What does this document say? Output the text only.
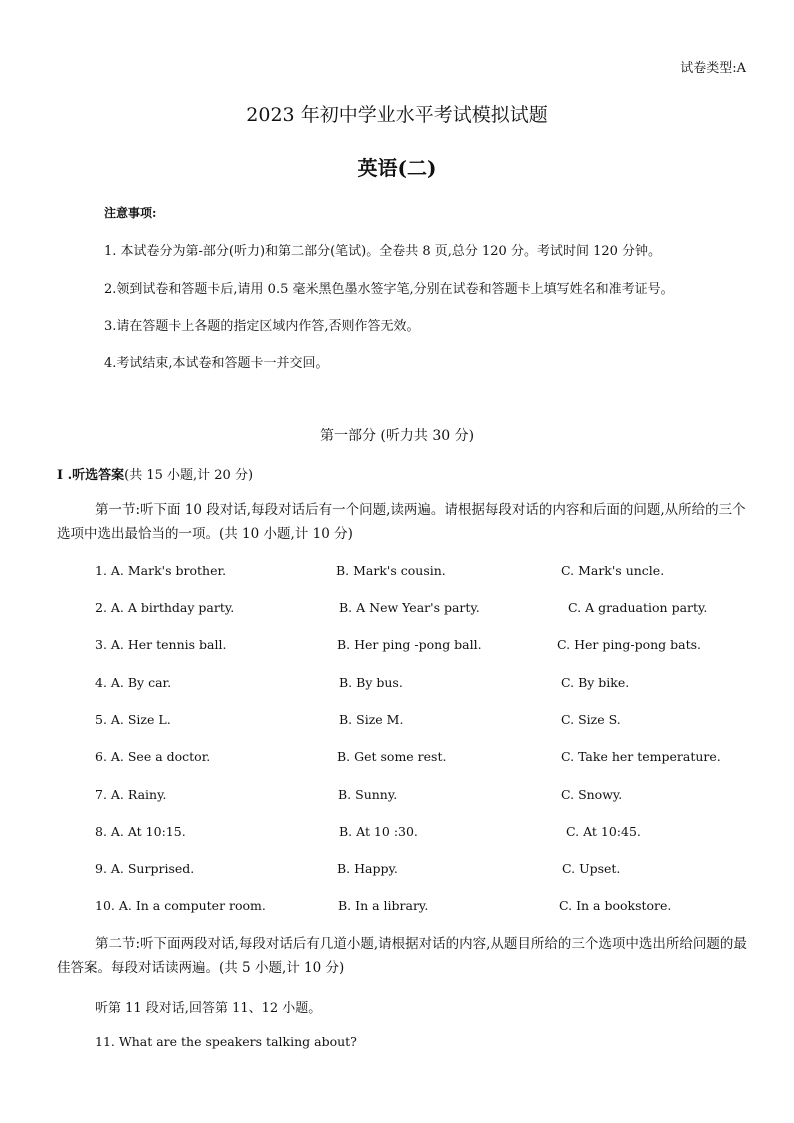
试卷类型:A
2023 年初中学业水平考试模拟试题
英语(二)
注意事项:
1. 本试卷分为第-部分(听力)和第二部分(笔试)。全卷共 8 页,总分 120 分。考试时间 120 分钟。
2.领到试卷和答题卡后,请用 0.5 毫米黑色墨水签字笔,分别在试卷和答题卡上填写姓名和准考证号。
3.请在答题卡上各题的指定区域内作答,否则作答无效。
4.考试结束,本试卷和答题卡一并交回。
第一部分 (听力共 30 分)
I .听选答案(共 15 小题,计 20 分)
第一节:听下面 10 段对话,每段对话后有一个问题,读两遍。请根据每段对话的内容和后面的问题,从所给的三个选项中选出最恰当的一项。(共 10 小题,计 10 分)
1. A. Mark's brother.	B. Mark's cousin.	C. Mark's uncle.
2. A. A birthday party.	B. A New Year's party.	C. A graduation party.
3. A. Her tennis ball.	B. Her ping -pong ball.	C. Her ping-pong bats.
4. A. By car.	B. By bus.	C. By bike.
5. A. Size L.	B. Size M.	C. Size S.
6. A. See a doctor.	B. Get some rest.	C. Take her temperature.
7. A. Rainy.	B. Sunny.	C. Snowy.
8. A. At 10:15.	B. At 10 :30.	C. At 10:45.
9. A. Surprised.	B. Happy.	C. Upset.
10. A. In a computer room.	B. In a library.	C. In a bookstore.
第二节:听下面两段对话,每段对话后有几道小题,请根据对话的内容,从题目所给的三个选项中选出所给问题的最佳答案。每段对话读两遍。(共 5 小题,计 10 分)
听第 11 段对话,回答第 11、12 小题。
11. What are the speakers talking about?
